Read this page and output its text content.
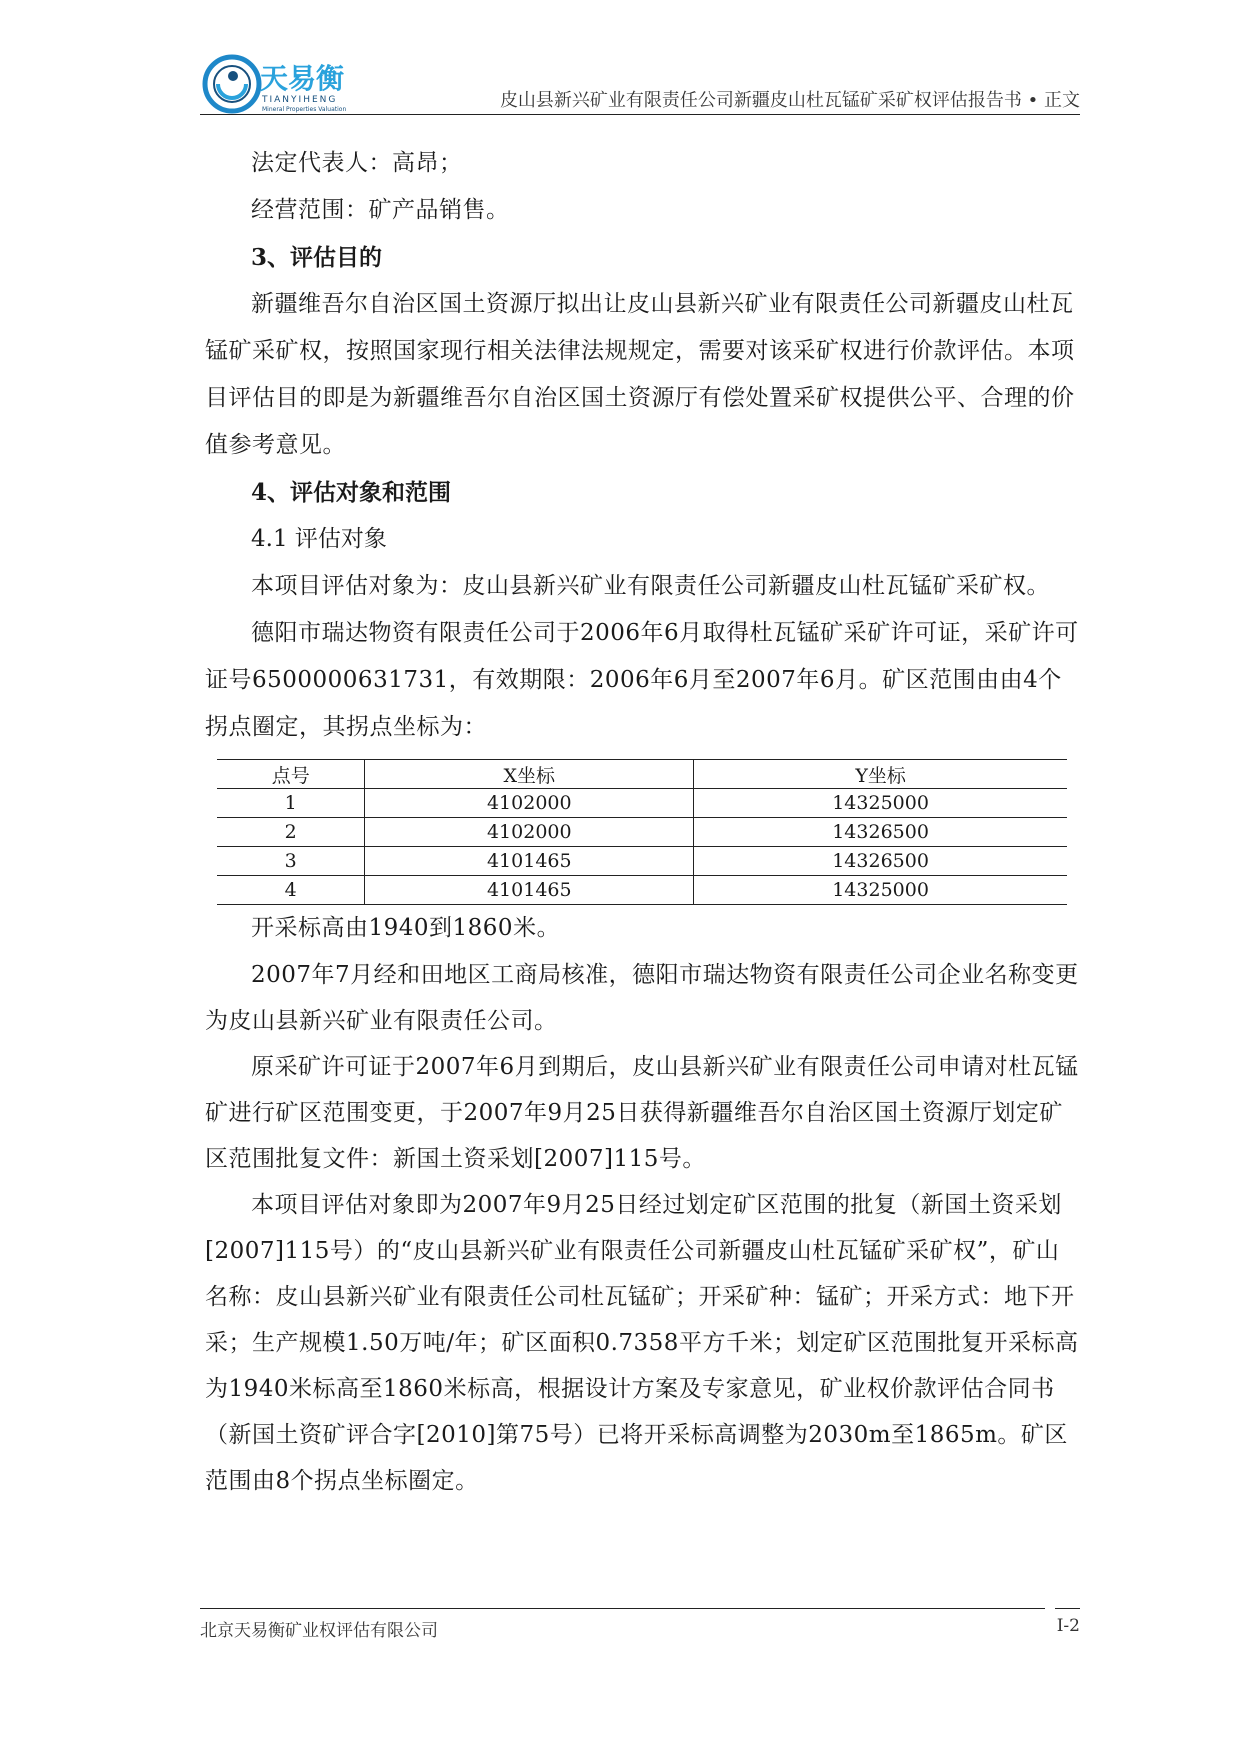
天易衡
TIANYIHENG
Mineral Properties Valuation	皮山县新兴矿业有限责任公司新疆皮山杜瓦锰矿采矿权评估报告书 • 正文

法定代表人：高昂；

经营范围：矿产品销售。

3、评估目的

新疆维吾尔自治区国土资源厅拟出让皮山县新兴矿业有限责任公司新疆皮山杜瓦锰矿采矿权，按照国家现行相关法律法规规定，需要对该采矿权进行价款评估。本项目评估目的即是为新疆维吾尔自治区国土资源厅有偿处置采矿权提供公平、合理的价值参考意见。

4、评估对象和范围

4.1 评估对象

本项目评估对象为：皮山县新兴矿业有限责任公司新疆皮山杜瓦锰矿采矿权。

德阳市瑞达物资有限责任公司于2006年6月取得杜瓦锰矿采矿许可证，采矿许可证号6500000631731，有效期限：2006年6月至2007年6月。矿区范围由由4个拐点圈定，其拐点坐标为：

点号	X坐标	Y坐标
1	4102000	14325000
2	4102000	14326500
3	4101465	14326500
4	4101465	14325000

开采标高由1940到1860米。

2007年7月经和田地区工商局核准，德阳市瑞达物资有限责任公司企业名称变更为皮山县新兴矿业有限责任公司。

原采矿许可证于2007年6月到期后，皮山县新兴矿业有限责任公司申请对杜瓦锰矿进行矿区范围变更，于2007年9月25日获得新疆维吾尔自治区国土资源厅划定矿区范围批复文件：新国土资采划[2007]115号。

本项目评估对象即为2007年9月25日经过划定矿区范围的批复（新国土资采划[2007]115号）的“皮山县新兴矿业有限责任公司新疆皮山杜瓦锰矿采矿权”，矿山名称：皮山县新兴矿业有限责任公司杜瓦锰矿；开采矿种：锰矿；开采方式：地下开采；生产规模1.50万吨/年；矿区面积0.7358平方千米；划定矿区范围批复开采标高为1940米标高至1860米标高，根据设计方案及专家意见，矿业权价款评估合同书（新国土资矿评合字[2010]第75号）已将开采标高调整为2030m至1865m。矿区范围由8个拐点坐标圈定。

北京天易衡矿业权评估有限公司	I-2
